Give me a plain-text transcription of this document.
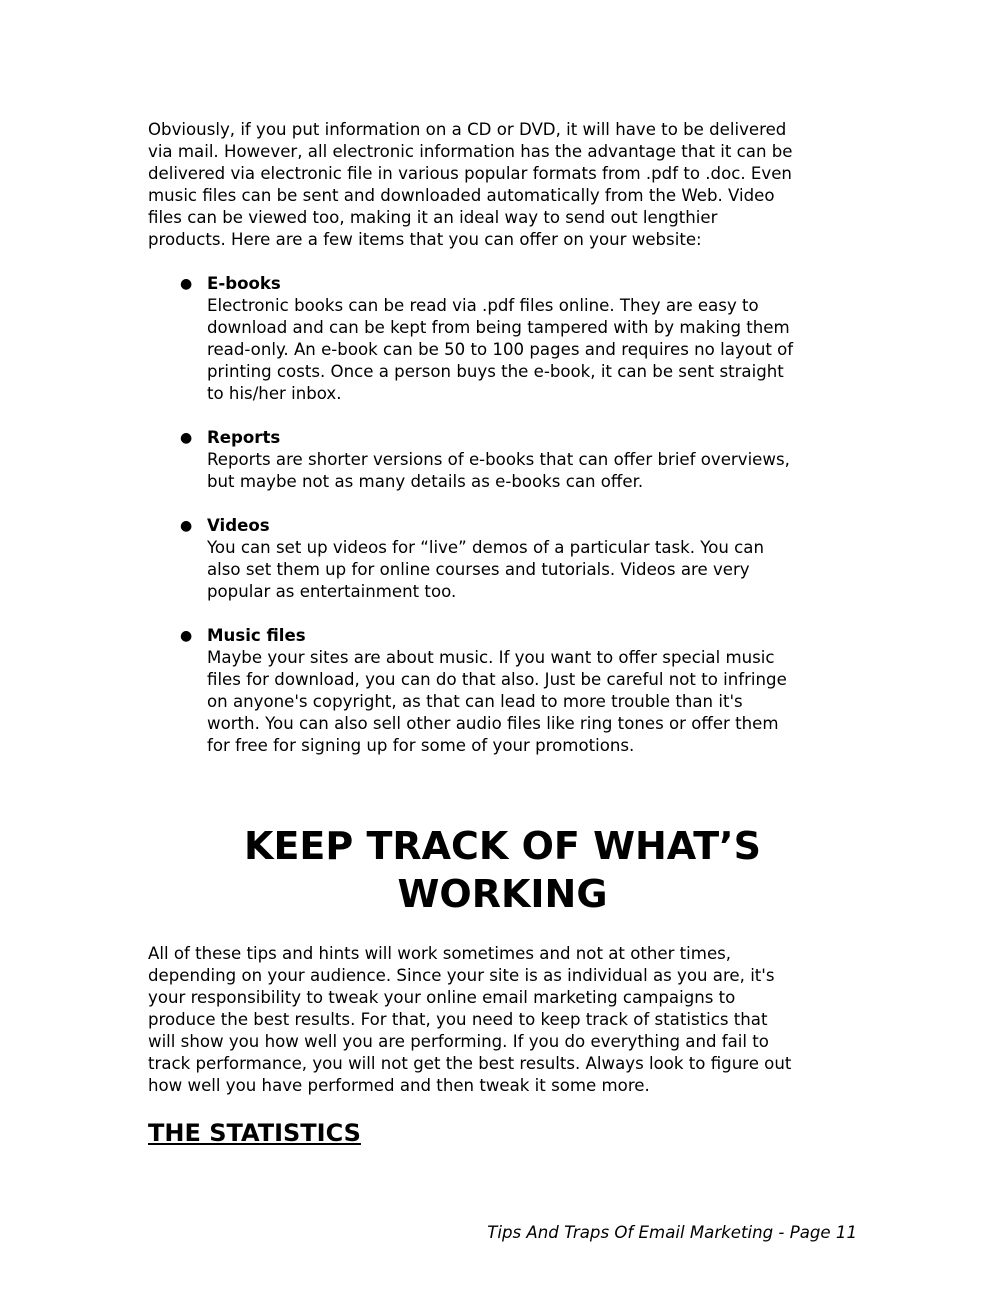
Obviously, if you put information on a CD or DVD, it will have to be delivered
via mail. However, all electronic information has the advantage that it can be
delivered via electronic file in various popular formats from .pdf to .doc. Even
music files can be sent and downloaded automatically from the Web. Video
files can be viewed too, making it an ideal way to send out lengthier
products. Here are a few items that you can offer on your website:
● E-books
Electronic books can be read via .pdf files online. They are easy to
download and can be kept from being tampered with by making them
read-only. An e-book can be 50 to 100 pages and requires no layout of
printing costs. Once a person buys the e-book, it can be sent straight
to his/her inbox.
● Reports
Reports are shorter versions of e-books that can offer brief overviews,
but maybe not as many details as e-books can offer.
● Videos
You can set up videos for “live” demos of a particular task. You can
also set them up for online courses and tutorials. Videos are very
popular as entertainment too.
● Music files
Maybe your sites are about music. If you want to offer special music
files for download, you can do that also. Just be careful not to infringe
on anyone's copyright, as that can lead to more trouble than it's
worth. You can also sell other audio files like ring tones or offer them
for free for signing up for some of your promotions.
KEEP TRACK OF WHAT’S
WORKING
All of these tips and hints will work sometimes and not at other times,
depending on your audience. Since your site is as individual as you are, it's
your responsibility to tweak your online email marketing campaigns to
produce the best results. For that, you need to keep track of statistics that
will show you how well you are performing. If you do everything and fail to
track performance, you will not get the best results. Always look to figure out
how well you have performed and then tweak it some more.
THE STATISTICS
Tips And Traps Of Email Marketing - Page 11
